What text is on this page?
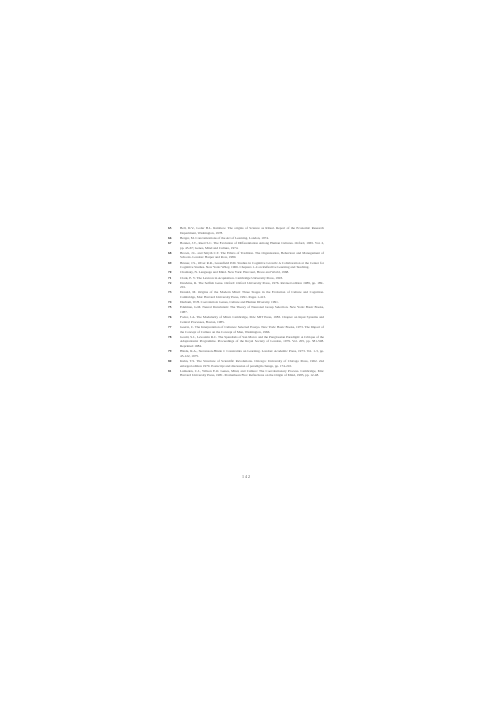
65	Bell, D.V., Loder B.L. Rainbow. The origins of Science as Ritual. Report of the Economic Research Department, Washington, 1978.
66	Berger, M. Concretizations of the Art of Learning. London, 1974.
67	Bonner, J.T., Reed S.C. The Evolution of Differentiation Among Human Cultures. Oxford, 1965. Vol. 2, pp. 45-67; Genes, Mind and Culture, 1974.
68	Brown, J.L. and Smyth C.T. The Ethics of Tradition. The Organisation, Behaviour and Management of Schools. London: Harper and Row, 1980.
69	Bruner, J.S., Olver R.R., Greenfield P.M. Studies in Cognitive Growth: A Collaboration at the Center for Cognitive Studies. New York: Wiley, 1966. Chapters 1–4 on Reflective Learning and Teaching.
70	Chomsky, N. Language and Mind. New York: Harcourt, Brace and World, 1968.
71	Clark, E. V. The Lexicon in Acquisition. Cambridge University Press, 1993.
72	Dawkins, R. The Selfish Gene. Oxford: Oxford University Press, 1976. Revised edition 1989, pp. 189–201.
73	Donald, M. Origins of the Modern Mind: Three Stages in the Evolution of Culture and Cognition. Cambridge, MA: Harvard University Press, 1991. Pages 1-413.
74	Durham, W.H. Coevolution: Genes, Culture and Human Diversity. 1991.
75	Edelman, G.M. Neural Darwinism: The Theory of Neuronal Group Selection. New York: Basic Books, 1987.
76	Fodor, J.A. The Modularity of Mind. Cambridge, MA: MIT Press, 1983. Chapter on Input Systems and Central Processes, Boston, 1985.
77	Geertz, C. The Interpretation of Cultures: Selected Essays. New York: Basic Books, 1973. The Impact of the Concept of Culture on the Concept of Man, Washington, 1966.
78	Gould, S.J., Lewontin R.C. The Spandrels of San Marco and the Panglossian Paradigm: A Critique of the Adaptationist Programme. Proceedings of the Royal Society of London, 1979. Vol. 205, pp. 581-598. Reprinted 1984.
79	Hinde, R.A., Stevenson-Hinde J. Constraints on Learning. London: Academic Press, 1973. Vol. 1-3, pp. 45-122, 1975.
80	Kuhn, T.S. The Structure of Scientific Revolutions. Chicago: University of Chicago Press, 1962. 2nd enlarged edition 1970. Postscript and discussion of paradigm change, pp. 174-210.
81	Lumsden, C.J., Wilson E.O. Genes, Mind, and Culture: The Coevolutionary Process. Cambridge, MA: Harvard University Press, 1981. Promethean Fire: Reflections on the Origin of Mind, 1983, pp. 12-48.
1 4 2
